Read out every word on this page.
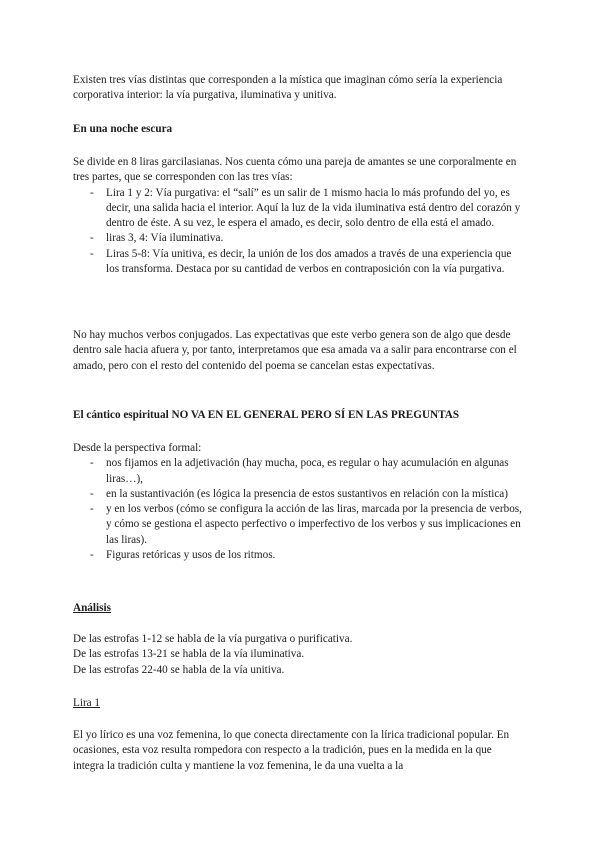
Existen tres vías distintas que corresponden a la mística que imaginan cómo sería la experiencia corporativa interior: la vía purgativa, iluminativa y unitiva.

En una noche escura

Se divide en 8 liras garcilasianas. Nos cuenta cómo una pareja de amantes se une corporalmente en tres partes, que se corresponden con las tres vías:

- Lira 1 y 2: Vía purgativa: el “salí” es un salir de 1 mismo hacia lo más profundo del yo, es decir, una salida hacia el interior. Aquí la luz de la vida iluminativa está dentro del corazón y dentro de éste. A su vez, le espera el amado, es decir, solo dentro de ella está el amado.
- liras 3, 4: Vía iluminativa.
- Liras 5-8: Vía unitiva, es decir, la unión de los dos amados a través de una experiencia que los transforma. Destaca por su cantidad de verbos en contraposición con la vía purgativa.

No hay muchos verbos conjugados. Las expectativas que este verbo genera son de algo que desde dentro sale hacia afuera y, por tanto, interpretamos que esa amada va a salir para encontrarse con el amado, pero con el resto del contenido del poema se cancelan estas expectativas.

El cántico espiritual NO VA EN EL GENERAL PERO SÍ EN LAS PREGUNTAS

Desde la perspectiva formal:

- nos fijamos en la adjetivación (hay mucha, poca, es regular o hay acumulación en algunas liras…),
- en la sustantivación (es lógica la presencia de estos sustantivos en relación con la mística)
- y en los verbos (cómo se configura la acción de las liras, marcada por la presencia de verbos, y cómo se gestiona el aspecto perfectivo o imperfectivo de los verbos y sus implicaciones en las liras).
- Figuras retóricas y usos de los ritmos.

Análisis

De las estrofas 1-12 se habla de la vía purgativa o purificativa.

De las estrofas 13-21 se habla de la vía iluminativa.

De las estrofas 22-40 se habla de la vía unitiva.

Lira 1

El yo lírico es una voz femenina, lo que conecta directamente con la lírica tradicional popular. En ocasiones, esta voz resulta rompedora con respecto a la tradición, pues en la medida en la que integra la tradición culta y mantiene la voz femenina, le da una vuelta a la
